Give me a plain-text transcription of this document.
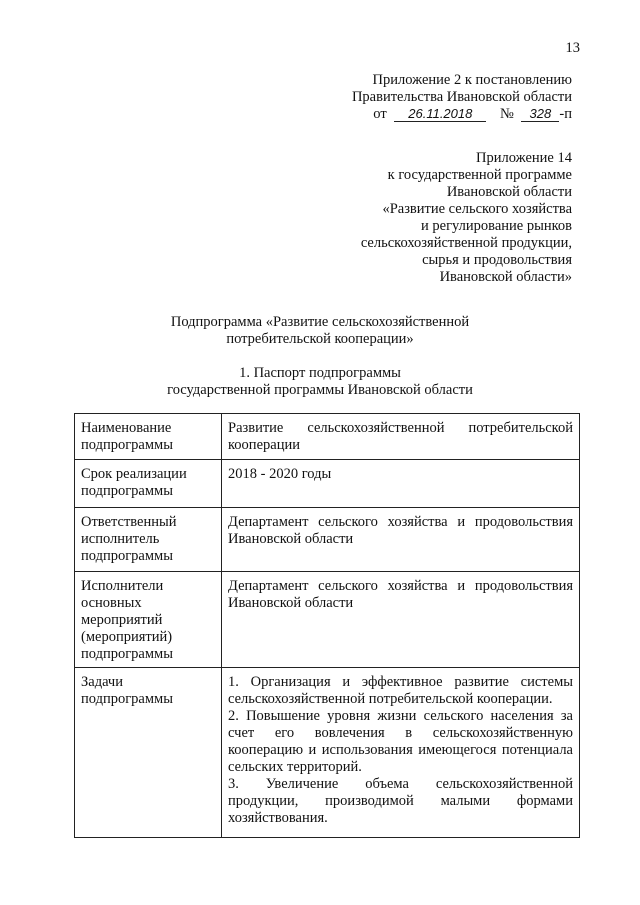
13
Приложение 2 к постановлению
Правительства Ивановской области
от 26.11.2018 № 328 -п
Приложение 14
к государственной программе
Ивановской области
«Развитие сельского хозяйства
и регулирование рынков
сельскохозяйственной продукции,
сырья и продовольствия
Ивановской области»
Подпрограмма «Развитие сельскохозяйственной
потребительской кооперации»
1. Паспорт подпрограммы
государственной программы Ивановской области
Наименование подпрограммы	Развитие сельскохозяйственной потребительской кооперации
Срок реализации подпрограммы	2018 - 2020 годы
Ответственный исполнитель подпрограммы	Департамент сельского хозяйства и продовольствия Ивановской области
Исполнители основных мероприятий (мероприятий) подпрограммы	Департамент сельского хозяйства и продовольствия Ивановской области
Задачи подпрограммы	1. Организация и эффективное развитие системы сельскохозяйственной потребительской кооперации.
2. Повышение уровня жизни сельского населения за счет его вовлечения в сельскохозяйственную кооперацию и использования имеющегося потенциала сельских территорий.
3. Увеличение объема сельскохозяйственной продукции, производимой малыми формами хозяйствования.
